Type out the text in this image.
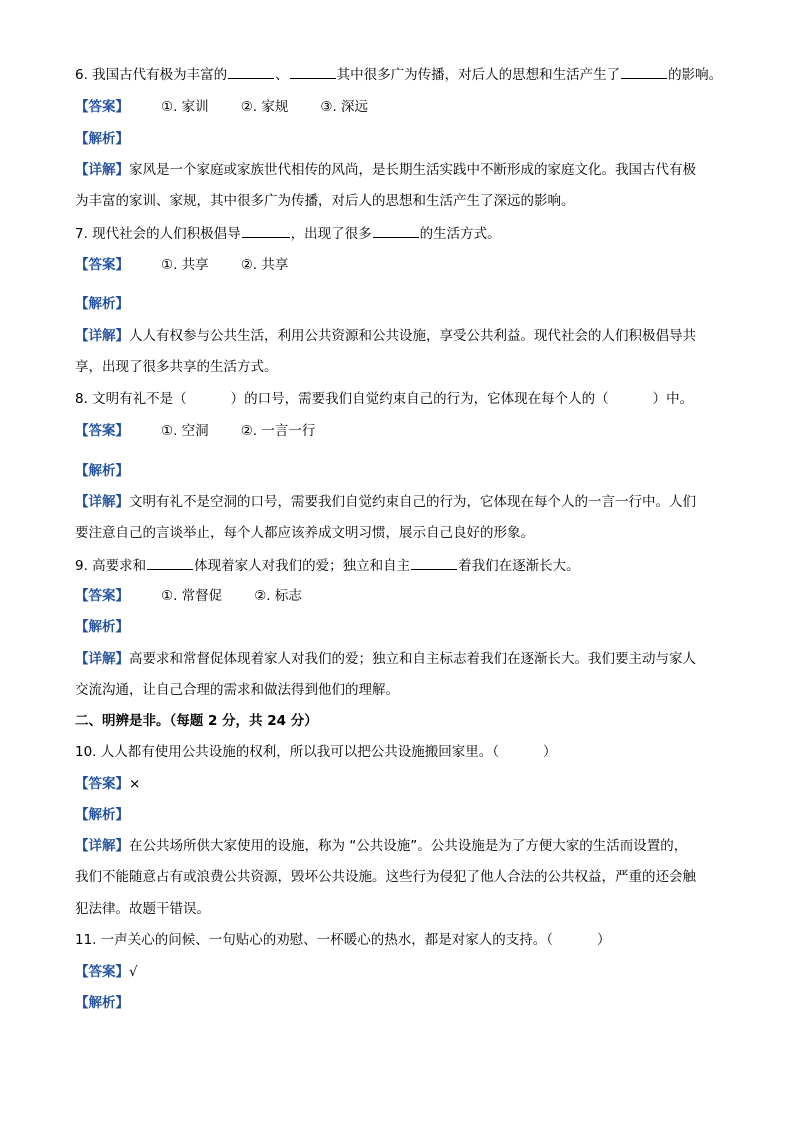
6. 我国古代有极为丰富的	、	其中很多广为传播，对后人的思想和生活产生了	的影响。
【答案】 ①. 家训 ②. 家规 ③. 深远
【解析】
【详解】家风是一个家庭或家族世代相传的风尚，是长期生活实践中不断形成的家庭文化。我国古代有极
为丰富的家训、家规，其中很多广为传播，对后人的思想和生活产生了深远的影响。
7. 现代社会的人们积极倡导	，出现了很多	的生活方式。
【答案】 ①. 共享 ②. 共享
【解析】
【详解】人人有权参与公共生活，利用公共资源和公共设施，享受公共利益。现代社会的人们积极倡导共
享，出现了很多共享的生活方式。
8. 文明有礼不是（	）的口号，需要我们自觉约束自己的行为，它体现在每个人的（	）中。
【答案】 ①. 空洞 ②. 一言一行
【解析】
【详解】文明有礼不是空洞的口号，需要我们自觉约束自己的行为，它体现在每个人的一言一行中。人们
要注意自己的言谈举止，每个人都应该养成文明习惯，展示自己良好的形象。
9. 高要求和	体现着家人对我们的爱；独立和自主	着我们在逐渐长大。
【答案】 ①. 常督促 ②. 标志
【解析】
【详解】高要求和常督促体现着家人对我们的爱；独立和自主标志着我们在逐渐长大。我们要主动与家人
交流沟通，让自己合理的需求和做法得到他们的理解。
二、明辨是非。（每题 2 分，共 24 分）
10. 人人都有使用公共设施的权利，所以我可以把公共设施搬回家里。（	）
【答案】×
【解析】
【详解】在公共场所供大家使用的设施，称为 “公共设施”。公共设施是为了方便大家的生活而设置的，
我们不能随意占有或浪费公共资源，毁坏公共设施。这些行为侵犯了他人合法的公共权益，严重的还会触
犯法律。故题干错误。
11. 一声关心的问候、一句贴心的劝慰、一杯暖心的热水，都是对家人的支持。（	）
【答案】√
【解析】
